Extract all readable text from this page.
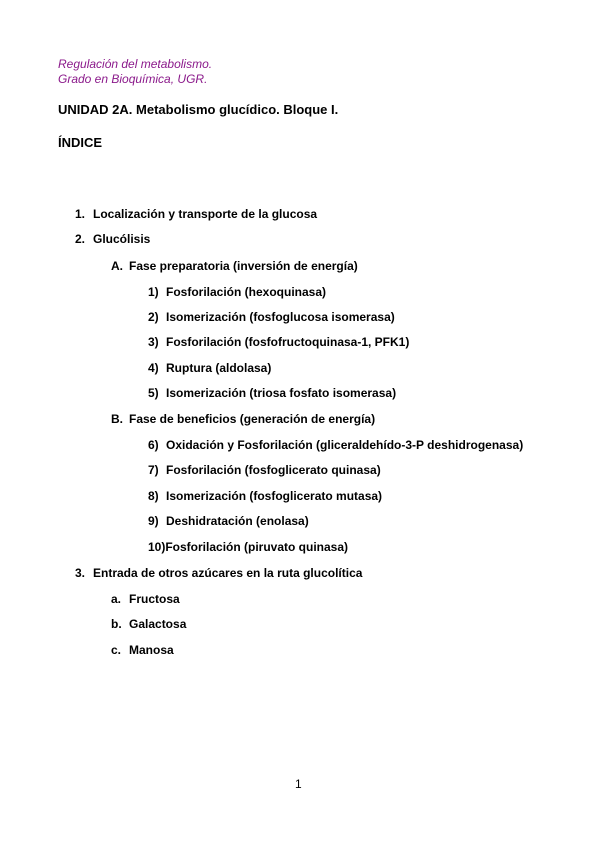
Regulación del metabolismo.
Grado en Bioquímica, UGR.
UNIDAD 2A. Metabolismo glucídico. Bloque I.
ÍNDICE
1. Localización y transporte de la glucosa
2. Glucólisis
A. Fase preparatoria (inversión de energía)
1) Fosforilación (hexoquinasa)
2) Isomerización (fosfoglucosa isomerasa)
3) Fosforilación (fosfofructoquinasa-1, PFK1)
4) Ruptura (aldolasa)
5) Isomerización (triosa fosfato isomerasa)
B. Fase de beneficios (generación de energía)
6) Oxidación y Fosforilación (gliceraldehído-3-P deshidrogenasa)
7) Fosforilación (fosfoglicerato quinasa)
8) Isomerización (fosfoglicerato mutasa)
9) Deshidratación (enolasa)
10)Fosforilación (piruvato quinasa)
3. Entrada de otros azúcares en la ruta glucolítica
a. Fructosa
b. Galactosa
c. Manosa
1
